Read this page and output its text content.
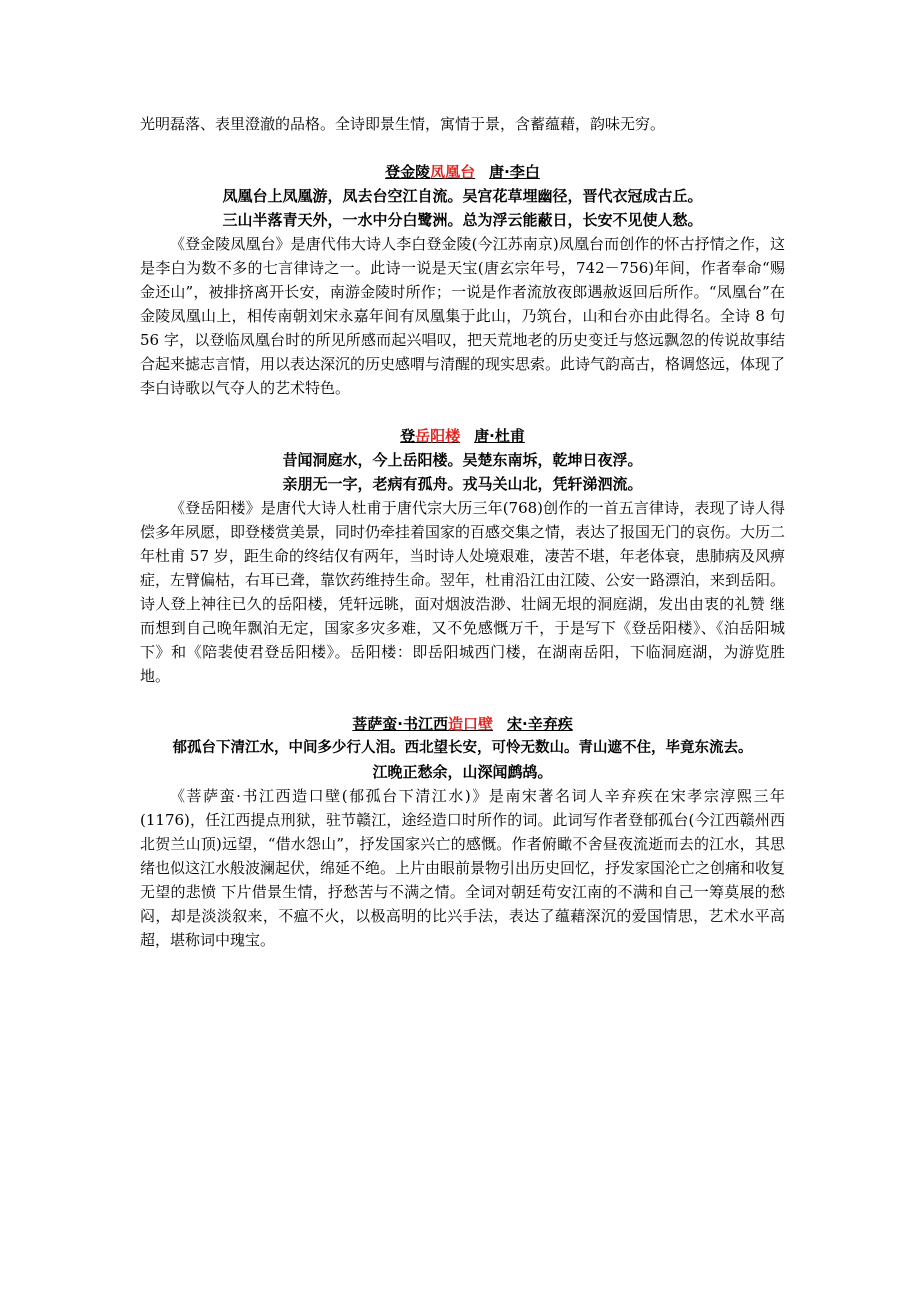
光明磊落、表里澄澈的品格。全诗即景生情，寓情于景，含蓄蕴藉，韵味无穷。

登金陵凤凰台 唐·李白

凤凰台上凤凰游，凤去台空江自流。吴宫花草埋幽径，晋代衣冠成古丘。

三山半落青天外，一水中分白鹭洲。总为浮云能蔽日，长安不见使人愁。

《登金陵凤凰台》是唐代伟大诗人李白登金陵(今江苏南京)凤凰台而创作的怀古抒情之作，这是李白为数不多的七言律诗之一。此诗一说是天宝(唐玄宗年号，742－756)年间，作者奉命“赐金还山”，被排挤离开长安，南游金陵时所作；一说是作者流放夜郎遇赦返回后所作。“凤凰台”在金陵凤凰山上，相传南朝刘宋永嘉年间有凤凰集于此山，乃筑台，山和台亦由此得名。全诗 8 句 56 字，以登临凤凰台时的所见所感而起兴唱叹，把天荒地老的历史变迁与悠远飘忽的传说故事结合起来摅志言情，用以表达深沉的历史感喟与清醒的现实思索。此诗气韵高古，格调悠远，体现了李白诗歌以气夺人的艺术特色。

登岳阳楼 唐·杜甫

昔闻洞庭水，今上岳阳楼。吴楚东南坼，乾坤日夜浮。

亲朋无一字，老病有孤舟。戎马关山北，凭轩涕泗流。

《登岳阳楼》是唐代大诗人杜甫于唐代宗大历三年(768)创作的一首五言律诗，表现了诗人得偿多年夙愿，即登楼赏美景，同时仍牵挂着国家的百感交集之情，表达了报国无门的哀伤。大历二年杜甫 57 岁，距生命的终结仅有两年，当时诗人处境艰难，凄苦不堪，年老体衰，患肺病及风痹症，左臂偏枯，右耳已聋，靠饮药维持生命。翌年，杜甫沿江由江陵、公安一路漂泊，来到岳阳。诗人登上神往已久的岳阳楼，凭轩远眺，面对烟波浩渺、壮阔无垠的洞庭湖，发出由衷的礼赞 继而想到自己晚年飘泊无定，国家多灾多难，又不免感慨万千，于是写下《登岳阳楼》、《泊岳阳城下》和《陪裴使君登岳阳楼》。岳阳楼：即岳阳城西门楼，在湖南岳阳，下临洞庭湖，为游览胜地。

菩萨蛮·书江西造口壁 宋·辛弃疾

郁孤台下清江水，中间多少行人泪。西北望长安，可怜无数山。青山遮不住，毕竟东流去。

江晚正愁余，山深闻鹧鸪。

《菩萨蛮·书江西造口壁(郁孤台下清江水)》是南宋著名词人辛弃疾在宋孝宗淳熙三年(1176)，任江西提点刑狱，驻节赣江，途经造口时所作的词。此词写作者登郁孤台(今江西赣州西北贺兰山顶)远望，“借水怨山”，抒发国家兴亡的感慨。作者俯瞰不舍昼夜流逝而去的江水，其思绪也似这江水般波澜起伏，绵延不绝。上片由眼前景物引出历史回忆，抒发家国沦亡之创痛和收复无望的悲愤 下片借景生情，抒愁苦与不满之情。全词对朝廷苟安江南的不满和自己一筹莫展的愁闷，却是淡淡叙来，不瘟不火，以极高明的比兴手法，表达了蕴藉深沉的爱国情思，艺术水平高超，堪称词中瑰宝。
